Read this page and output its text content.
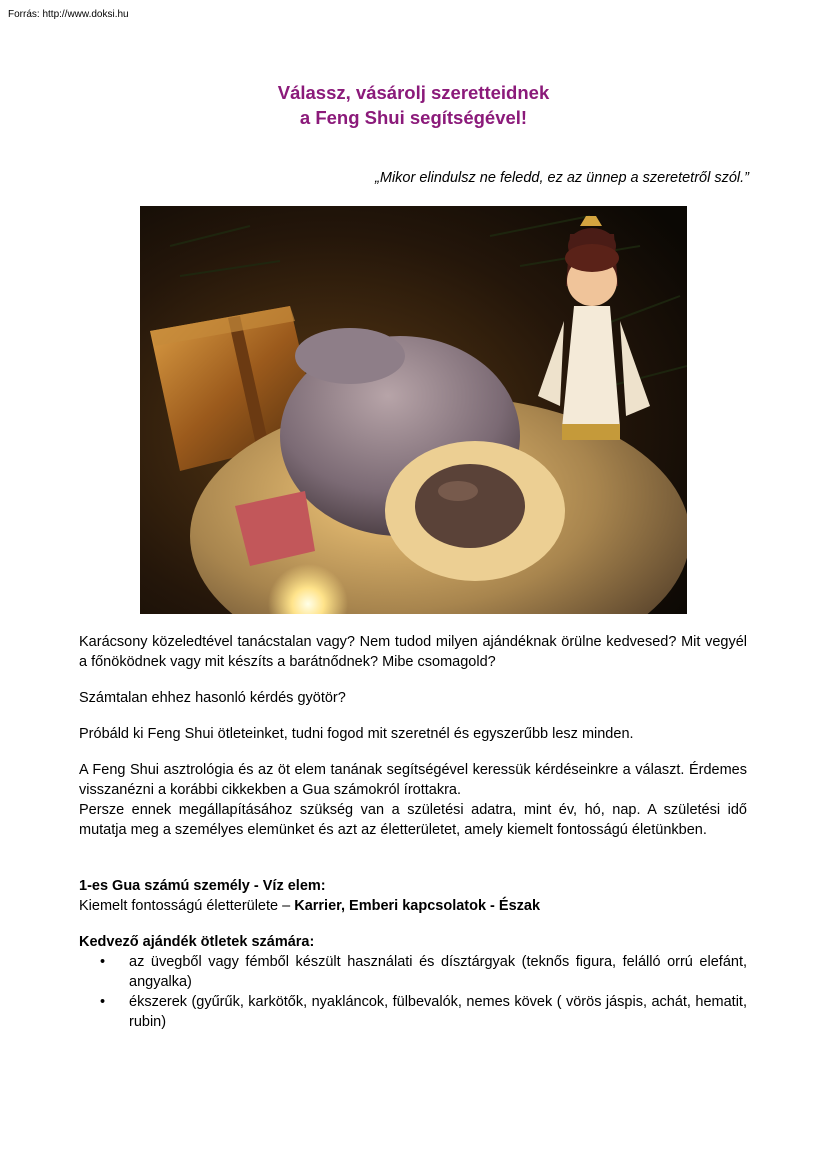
Forrás: http://www.doksi.hu
Válassz, vásárolj szeretteidnek
a Feng Shui segítségével!
„Mikor elindulsz ne feledd, ez az ünnep a szeretetről szól.”

Karácsony közeledtével tanácstalan vagy? Nem tudod milyen ajándéknak örülne kedvesed? Mit vegyél a főnöködnek vagy mit készíts a barátnődnek? Mibe csomagold?

Számtalan ehhez hasonló kérdés gyötör?

Próbáld ki Feng Shui ötleteinket, tudni fogod mit szeretnél és egyszerűbb lesz minden.

A Feng Shui asztrológia és az öt elem tanának segítségével keressük kérdéseinkre a választ. Érdemes visszanézni a korábbi cikkekben a Gua számokról írottakra.

Persze ennek megállapításához szükség van a születési adatra, mint év, hó, nap. A születési idő mutatja meg a személyes elemünket és azt az életterületet, amely kiemelt fontosságú életünkben.

1-es Gua számú személy - Víz elem:

Kiemelt fontosságú életterülete – Karrier, Emberi kapcsolatok - Észak

Kedvező ajándék ötletek számára:

• az üvegből vagy fémből készült használati és dísztárgyak (teknős figura, felálló orrú elefánt, angyalka)
• ékszerek (gyűrűk, karkötők, nyakláncok, fülbevalók, nemes kövek ( vörös jáspis, achát, hematit, rubin)
